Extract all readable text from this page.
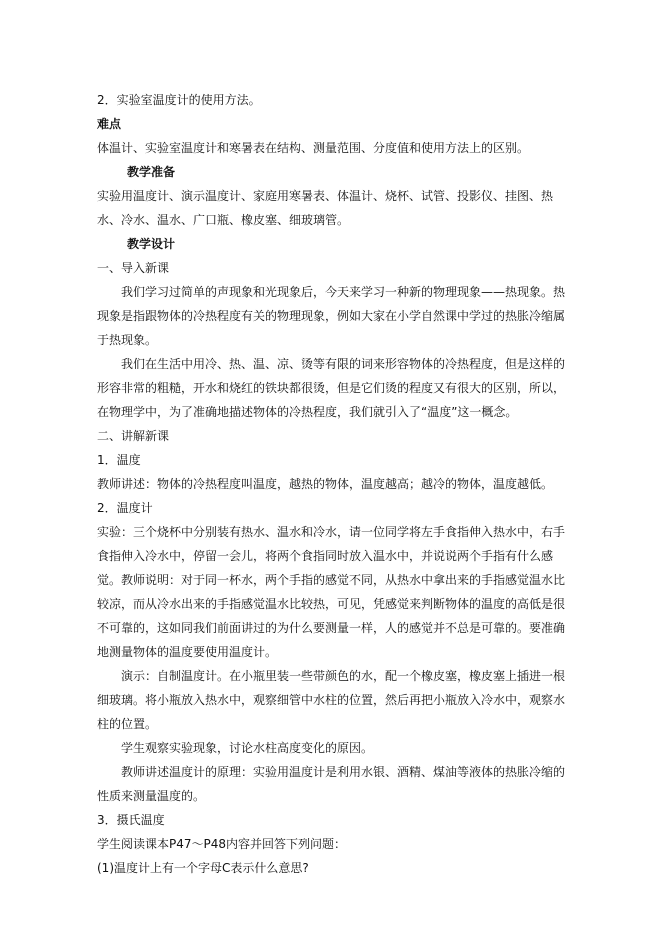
2．实验室温度计的使用方法。
难点
体温计、实验室温度计和寒暑表在结构、测量范围、分度值和使用方法上的区别。
教学准备
实验用温度计、演示温度计、家庭用寒暑表、体温计、烧杯、试管、投影仪、挂图、热水、冷水、温水、广口瓶、橡皮塞、细玻璃管。
教学设计
一、导入新课
我们学习过简单的声现象和光现象后，今天来学习一种新的物理现象——热现象。热现象是指跟物体的冷热程度有关的物理现象，例如大家在小学自然课中学过的热胀冷缩属于热现象。
我们在生活中用冷、热、温、凉、烫等有限的词来形容物体的冷热程度，但是这样的形容非常的粗糙，开水和烧红的铁块都很烫，但是它们烫的程度又有很大的区别，所以，在物理学中，为了准确地描述物体的冷热程度，我们就引入了“温度”这一概念。
二、讲解新课
1．温度
教师讲述：物体的冷热程度叫温度，越热的物体，温度越高；越冷的物体，温度越低。
2．温度计
实验：三个烧杯中分别装有热水、温水和冷水，请一位同学将左手食指伸入热水中，右手食指伸入冷水中，停留一会儿，将两个食指同时放入温水中，并说说两个手指有什么感觉。 教师说明：对于同一杯水，两个手指的感觉不同，从热水中拿出来的手指感觉温水比较凉，而从冷水出来的手指感觉温水比较热，可见，凭感觉来判断物体的温度的高低是很不可靠的，这如同我们前面讲过的为什么要测量一样，人的感觉并不总是可靠的。要准确地测量物体的温度要使用温度计。
演示：自制温度计。在小瓶里装一些带颜色的水，配一个橡皮塞，橡皮塞上插进一根细玻璃。将小瓶放入热水中，观察细管中水柱的位置，然后再把小瓶放入冷水中，观察水柱的位置。
学生观察实验现象，讨论水柱高度变化的原因。
教师讲述温度计的原理：实验用温度计是利用水银、酒精、煤油等液体的热胀冷缩的性质来测量温度的。
3．摄氏温度
学生阅读课本P47～P48内容并回答下列问题：
(1)温度计上有一个字母C表示什么意思?
